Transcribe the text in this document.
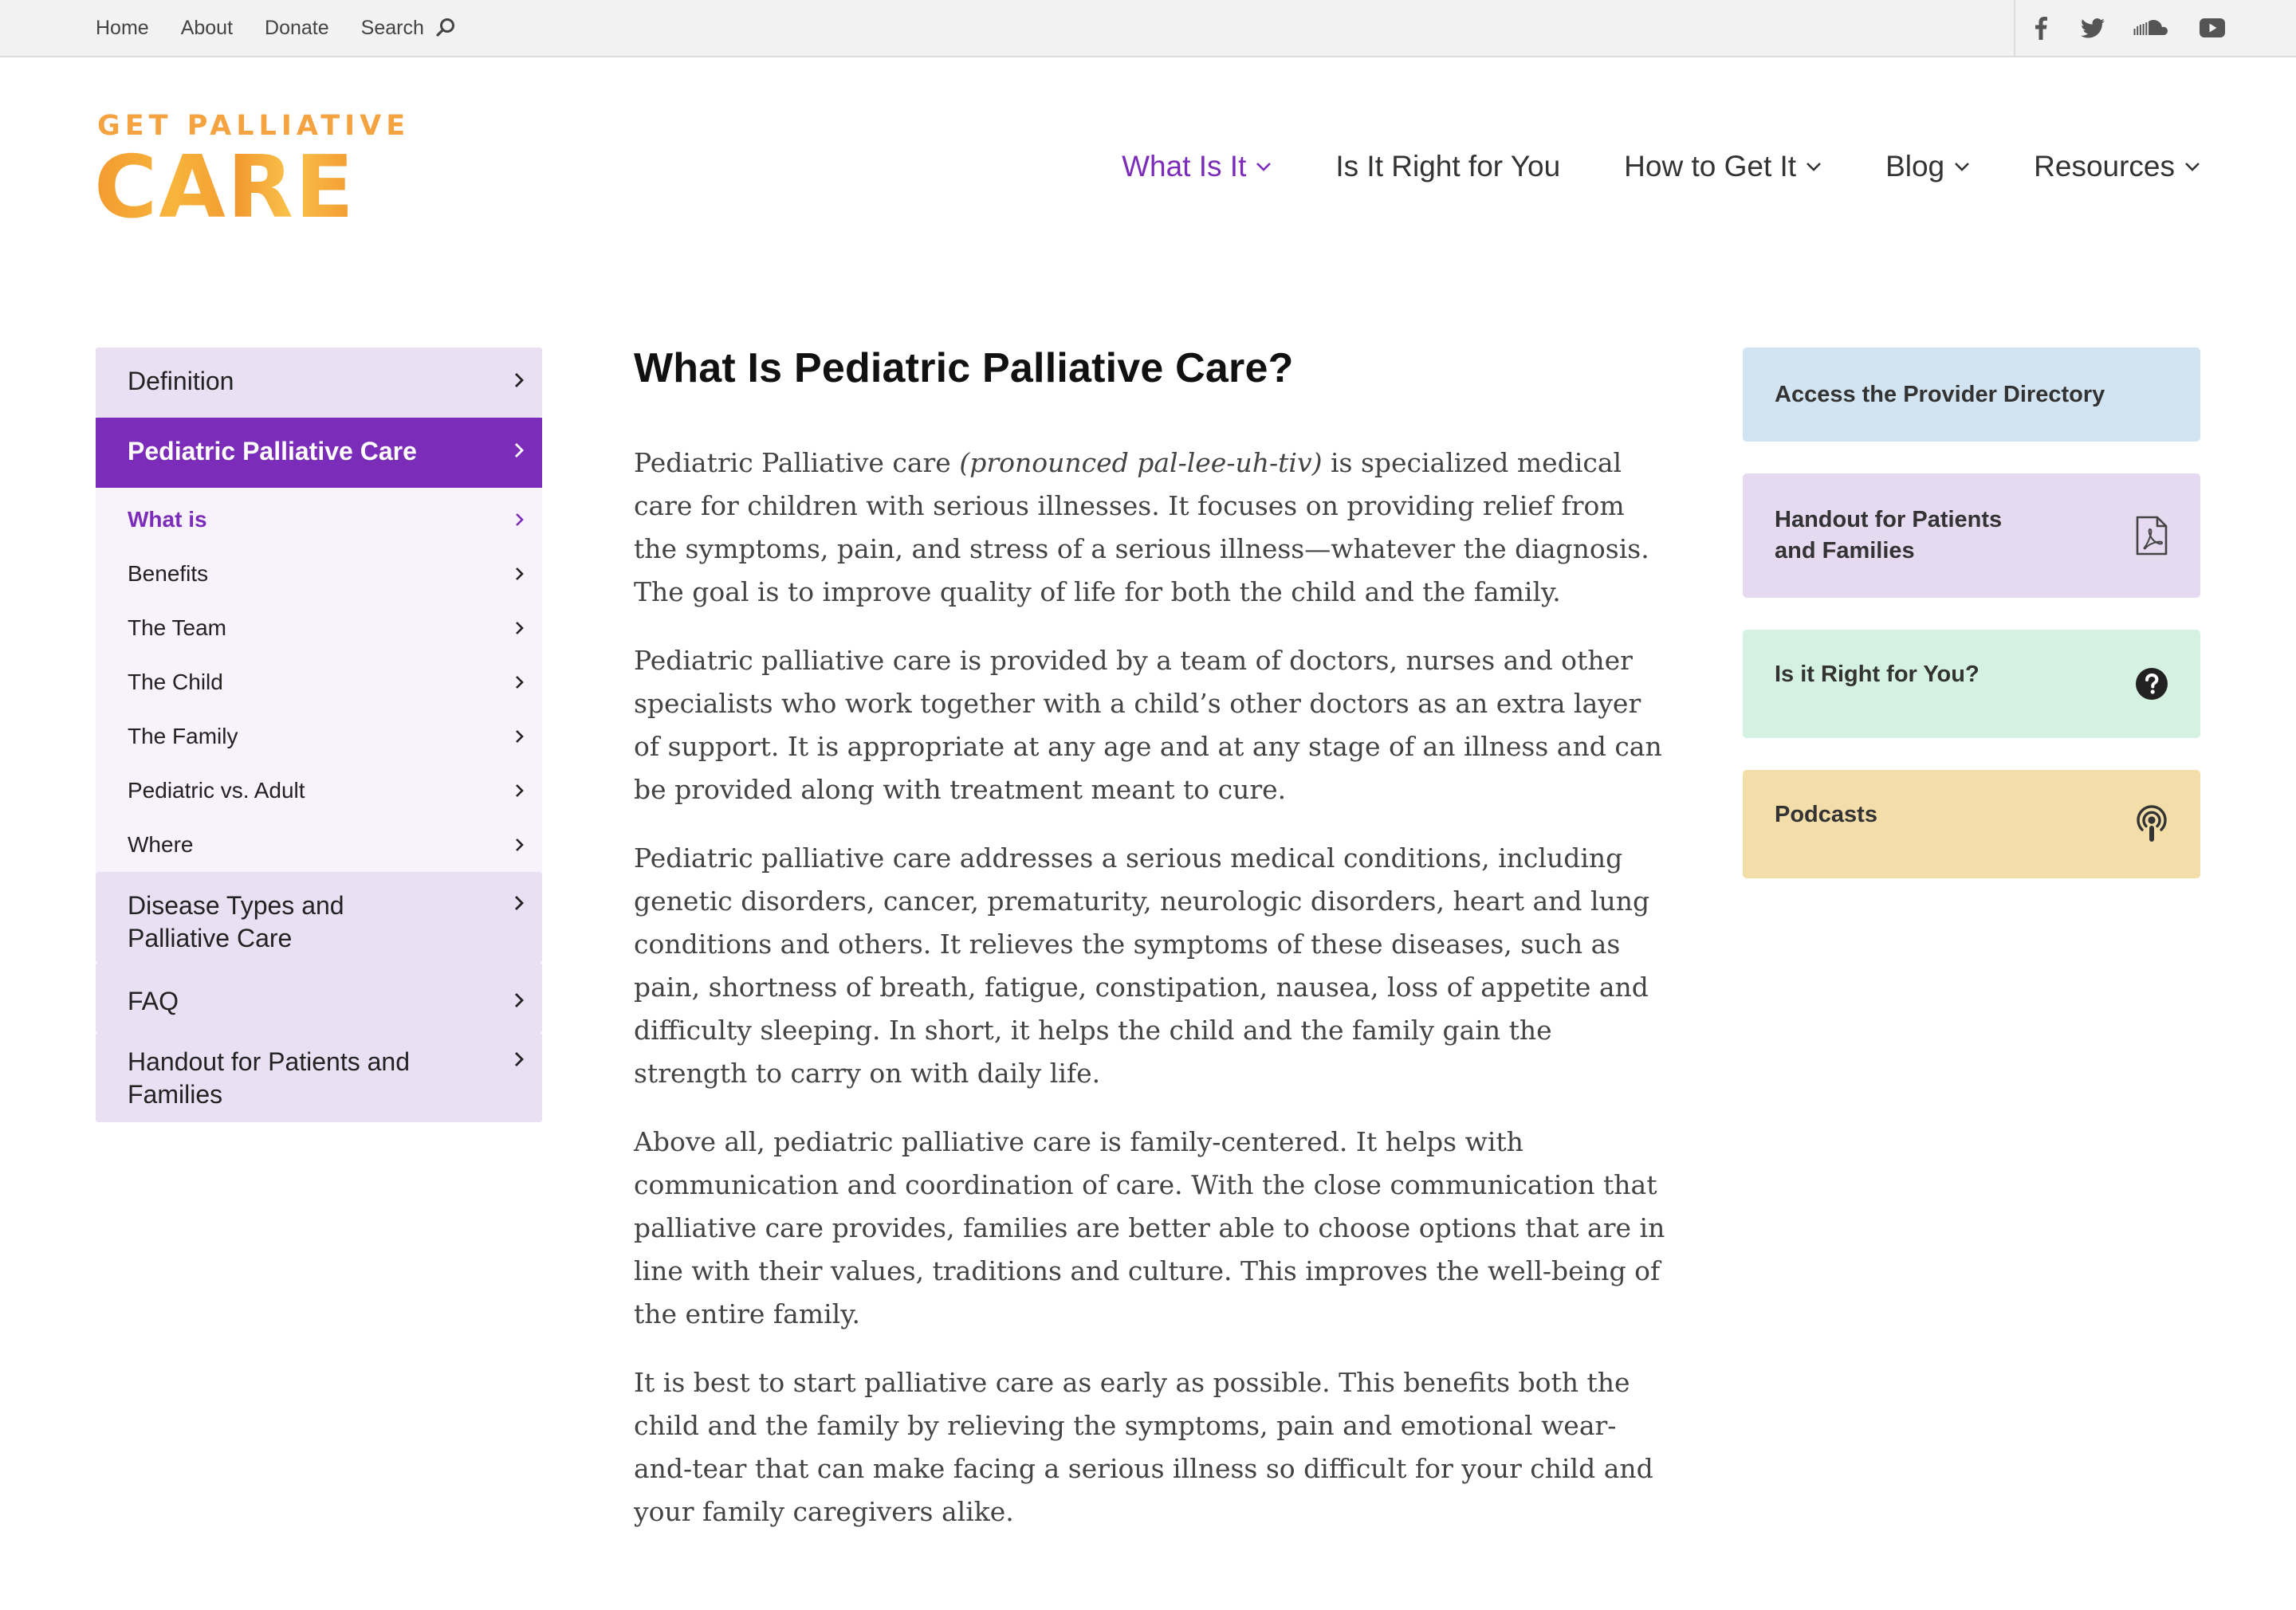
Home About Donate Search
GET PALLIATIVE
CARE	What Is It	Is It Right for You How to Get It	Blog	Resources
Definition
Pediatric Palliative Care
What is
Benefits
The Team
The Child
The Family
Pediatric vs. Adult
Where
Disease Types and Palliative Care
FAQ
Handout for Patients and Families
What Is Pediatric Palliative Care?

Pediatric Palliative care (pronounced pal-lee-uh-tiv) is specialized medical care for children with serious illnesses. It focuses on providing relief from the symptoms, pain, and stress of a serious illness—whatever the diagnosis. The goal is to improve quality of life for both the child and the family.

Pediatric palliative care is provided by a team of doctors, nurses and other specialists who work together with a child’s other doctors as an extra layer of support. It is appropriate at any age and at any stage of an illness and can be provided along with treatment meant to cure.

Pediatric palliative care addresses a serious medical conditions, including genetic disorders, cancer, prematurity, neurologic disorders, heart and lung conditions and others. It relieves the symptoms of these diseases, such as pain, shortness of breath, fatigue, constipation, nausea, loss of appetite and difficulty sleeping. In short, it helps the child and the family gain the strength to carry on with daily life.

Above all, pediatric palliative care is family-centered. It helps with communication and coordination of care. With the close communication that palliative care provides, families are better able to choose options that are in line with their values, traditions and culture. This improves the well-being of the entire family.

It is best to start palliative care as early as possible. This benefits both the child and the family by relieving the symptoms, pain and emotional wear-and-tear that can make facing a serious illness so difficult for your child and your family caregivers alike.

Access the Provider Directory
Handout for Patients and Families
Is it Right for You?
Podcasts
